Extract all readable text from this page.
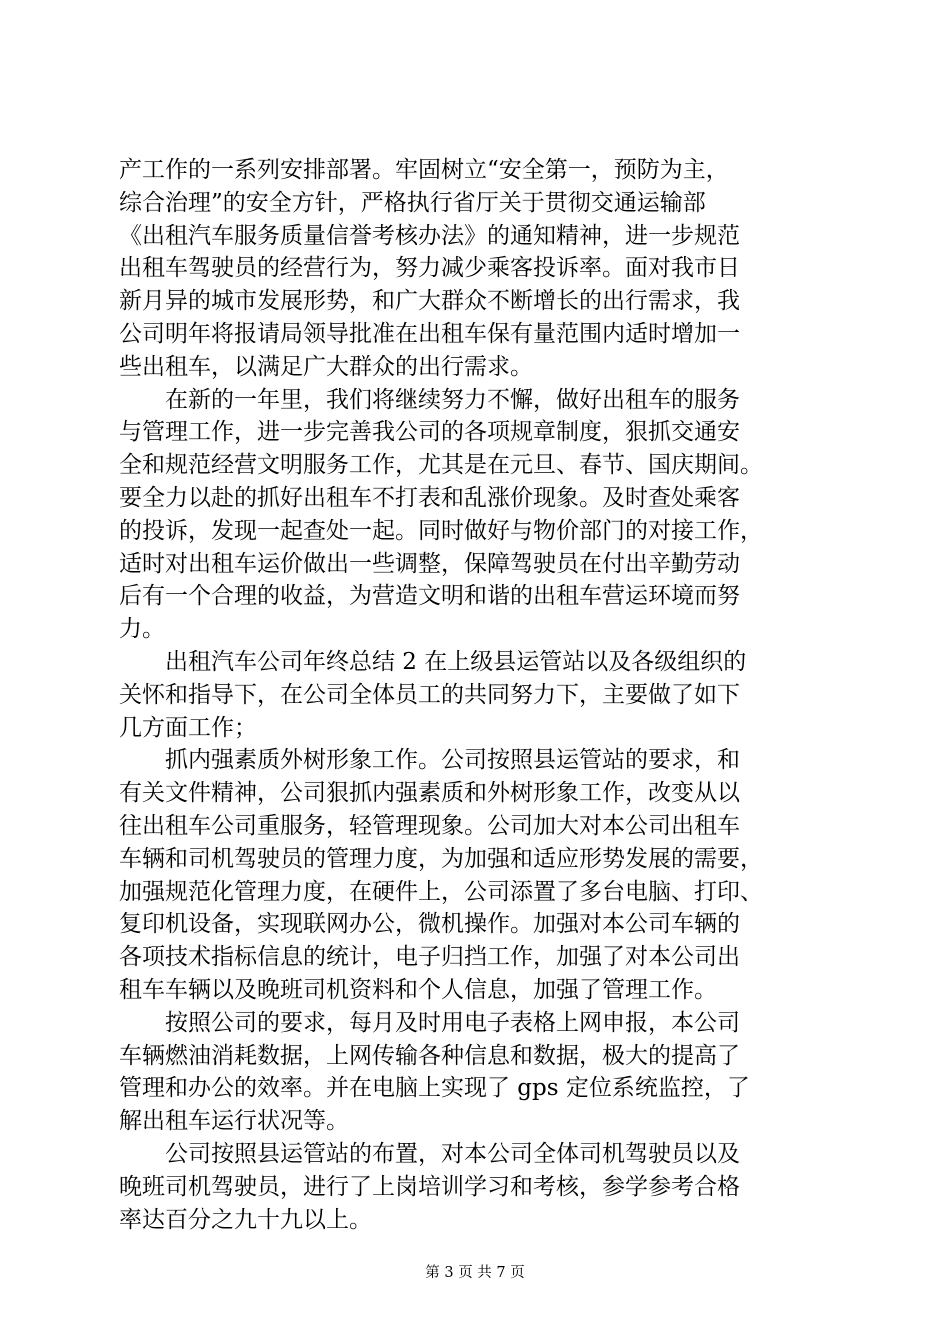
产工作的一系列安排部署。牢固树立“安全第一，预防为主，
综合治理”的安全方针，严格执行省厅关于贯彻交通运输部
《出租汽车服务质量信誉考核办法》的通知精神，进一步规范
出租车驾驶员的经营行为，努力减少乘客投诉率。面对我市日
新月异的城市发展形势，和广大群众不断增长的出行需求，我
公司明年将报请局领导批准在出租车保有量范围内适时增加一
些出租车，以满足广大群众的出行需求。
　　在新的一年里，我们将继续努力不懈，做好出租车的服务
与管理工作，进一步完善我公司的各项规章制度，狠抓交通安
全和规范经营文明服务工作，尤其是在元旦、春节、国庆期间。
要全力以赴的抓好出租车不打表和乱涨价现象。及时查处乘客
的投诉，发现一起查处一起。同时做好与物价部门的对接工作，
适时对出租车运价做出一些调整，保障驾驶员在付出辛勤劳动
后有一个合理的收益，为营造文明和谐的出租车营运环境而努
力。
　　出租汽车公司年终总结 2 在上级县运管站以及各级组织的
关怀和指导下，在公司全体员工的共同努力下，主要做了如下
几方面工作；
　　抓内强素质外树形象工作。公司按照县运管站的要求，和
有关文件精神，公司狠抓内强素质和外树形象工作，改变从以
往出租车公司重服务，轻管理现象。公司加大对本公司出租车
车辆和司机驾驶员的管理力度，为加强和适应形势发展的需要，
加强规范化管理力度，在硬件上，公司添置了多台电脑、打印、
复印机设备，实现联网办公，微机操作。加强对本公司车辆的
各项技术指标信息的统计，电子归挡工作，加强了对本公司出
租车车辆以及晚班司机资料和个人信息，加强了管理工作。
　　按照公司的要求，每月及时用电子表格上网申报，本公司
车辆燃油消耗数据，上网传输各种信息和数据，极大的提高了
管理和办公的效率。并在电脑上实现了 gps 定位系统监控，了
解出租车运行状况等。
　　公司按照县运管站的布置，对本公司全体司机驾驶员以及
晚班司机驾驶员，进行了上岗培训学习和考核，参学参考合格
率达百分之九十九以上。
第 3 页 共 7 页
